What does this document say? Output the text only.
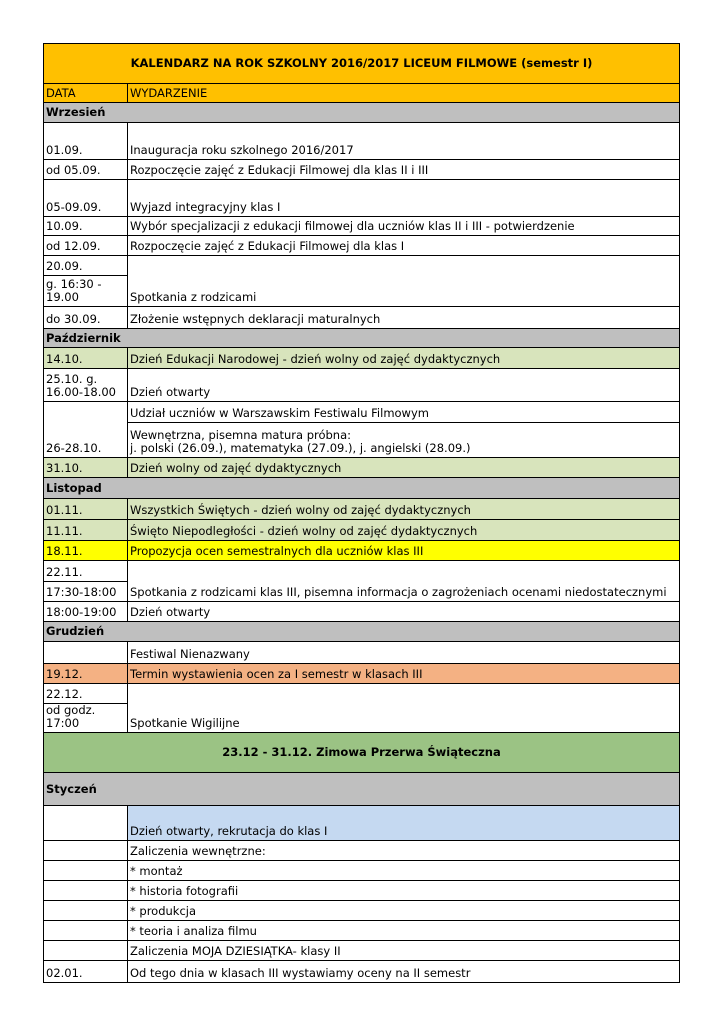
KALENDARZ NA ROK SZKOLNY 2016/2017 LICEUM FILMOWE (semestr I)	
DATA	WYDARZENIE
Wrzesień	
01.09.	Inauguracja roku szkolnego 2016/2017
od 05.09.	Rozpoczęcie zajęć z Edukacji Filmowej dla klas II i III
05-09.09.	Wyjazd integracyjny klas I
10.09.	Wybór specjalizacji z edukacji filmowej dla uczniów klas II i III - potwierdzenie
od 12.09.	Rozpoczęcie zajęć z Edukacji Filmowej dla klas I
20.09.	Spotkania z rodzicami
g. 16:30 - 19.00	
do 30.09.	Złożenie wstępnych deklaracji maturalnych
Październik	
14.10.	Dzień Edukacji Narodowej - dzień wolny od zajęć dydaktycznych
25.10. g. 16.00-18.00	Dzień otwarty
	Udział uczniów w Warszawskim Festiwalu Filmowym
26-28.10.	Wewnętrzna, pisemna matura próbna:
j. polski (26.09.), matematyka (27.09.), j. angielski (28.09.)

31.10.	Dzień wolny od zajęć dydaktycznych
Listopad	
01.11.	Wszystkich Świętych - dzień wolny od zajęć dydaktycznych
11.11.	Święto Niepodległości - dzień wolny od zajęć dydaktycznych
18.11.	Propozycja ocen semestralnych dla uczniów klas III
22.11.	Spotkania z rodzicami klas III, pisemna informacja o zagrożeniach ocenami niedostatecznymi
17:30-18:00	
18:00-19:00	Dzień otwarty
Grudzień	
	Festiwal Nienazwany
19.12.	Termin wystawienia ocen za I semestr w klasach III
22.12.	Spotkanie Wigilijne
od godz. 17:00	
23.12 - 31.12. Zimowa Przerwa Świąteczna	
Styczeń	
	Dzień otwarty, rekrutacja do klas I
	Zaliczenia wewnętrzne:
	* montaż
	* historia fotografii
	* produkcja
	* teoria i analiza filmu
	Zaliczenia MOJA DZIESIĄTKA- klasy II
02.01.	Od tego dnia w klasach III wystawiamy oceny na II semestr
